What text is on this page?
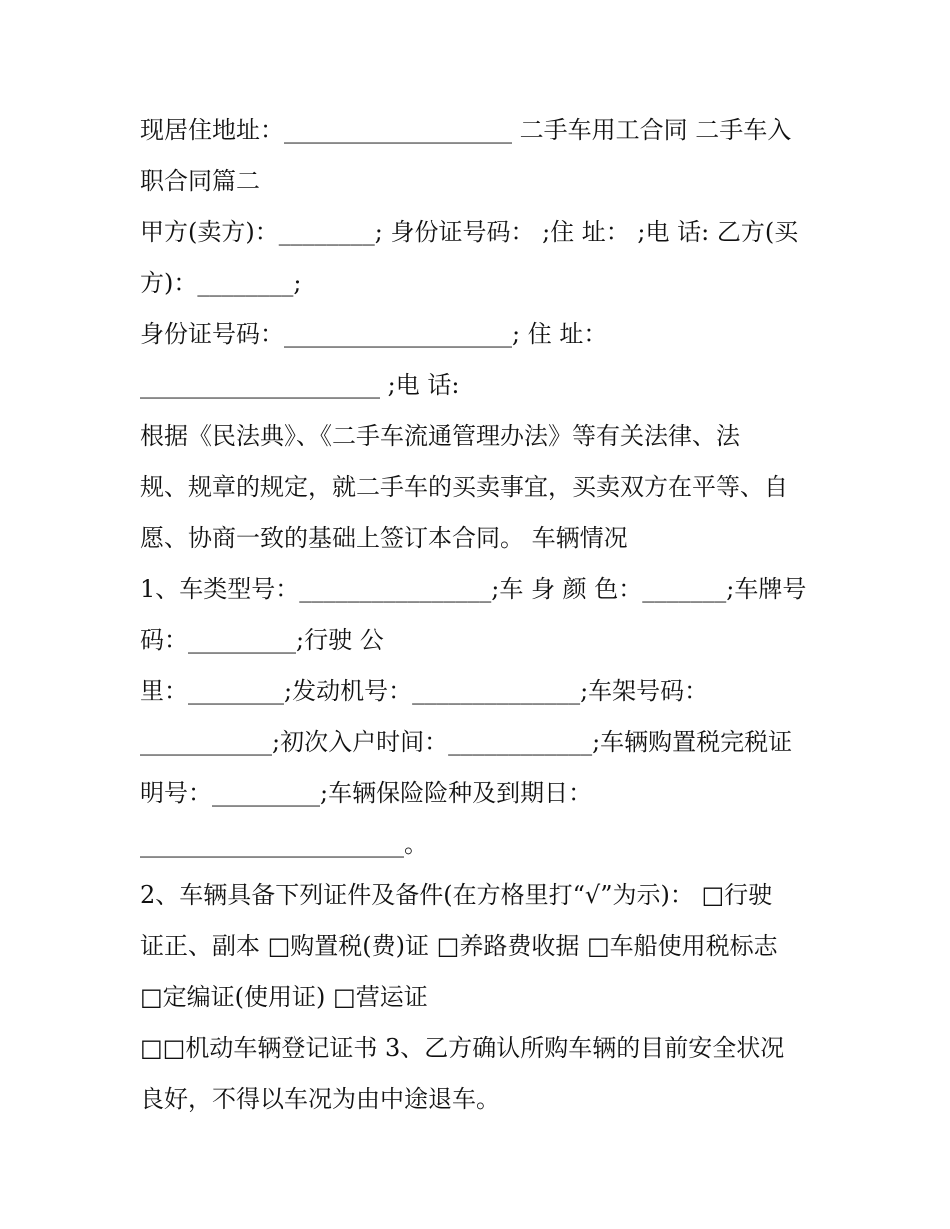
现居住地址：___________________ 二手车用工合同 二手车入
职合同篇二
甲方(卖方)：________; 身份证号码： ;住 址： ;电 话: 乙方(买
方)：________;
身份证号码：___________________; 住 址：
____________________ ;电 话:
根据《民法典》、《二手车流通管理办法》等有关法律、法
规、规章的规定，就二手车的买卖事宜，买卖双方在平等、自
愿、协商一致的基础上签订本合同。 车辆情况
1、车类型号：________________;车 身 颜 色：_______;车牌号
码：_________;行驶 公
里：________;发动机号：______________;车架号码：
___________;初次入户时间：____________;车辆购置税完税证
明号：_________;车辆保险险种及到期日：
______________________。
2、车辆具备下列证件及备件(在方格里打“√”为示)： □行驶
证正、副本 □购置税(费)证 □养路费收据 □车船使用税标志
□定编证(使用证) □营运证
□□机动车辆登记证书 3、乙方确认所购车辆的目前安全状况
良好，不得以车况为由中途退车。
